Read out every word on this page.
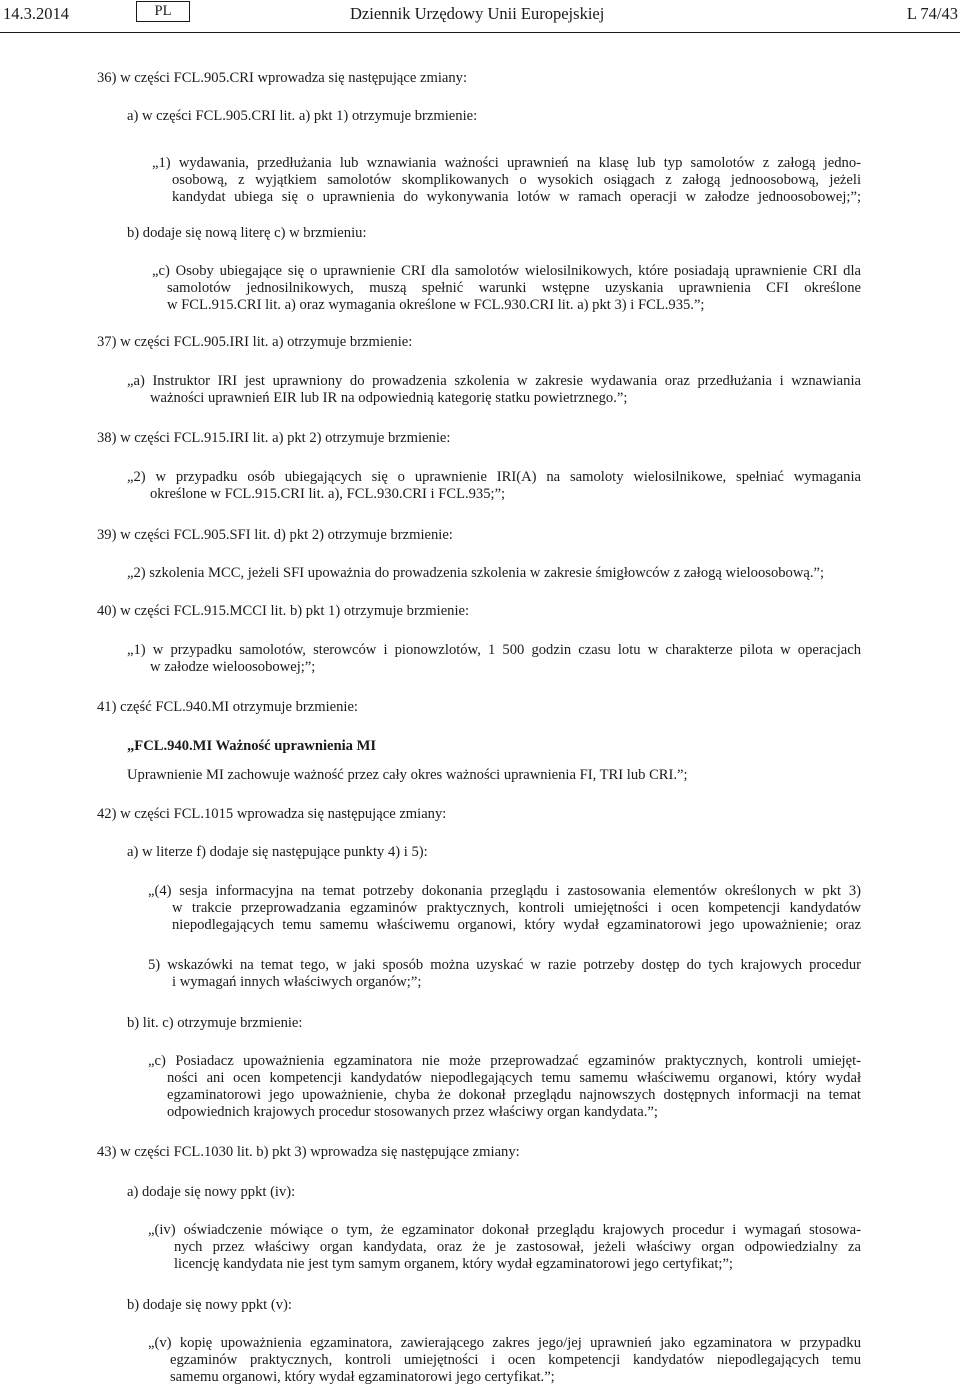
14.3.2014	PL	Dziennik Urzędowy Unii Europejskiej	L 74/43
36) w części FCL.905.CRI wprowadza się następujące zmiany:
a) w części FCL.905.CRI lit. a) pkt 1) otrzymuje brzmienie:
„1) wydawania, przedłużania lub wznawiania ważności uprawnień na klasę lub typ samolotów z załogą jedno-
osobową, z wyjątkiem samolotów skomplikowanych o wysokich osiągach z załogą jednoosobową, jeżeli
kandydat ubiega się o uprawnienia do wykonywania lotów w ramach operacji w załodze jednoosobowej;”;
b) dodaje się nową literę c) w brzmieniu:
„c) Osoby ubiegające się o uprawnienie CRI dla samolotów wielosilnikowych, które posiadają uprawnienie CRI dla
samolotów jednosilnikowych, muszą spełnić warunki wstępne uzyskania uprawnienia CFI określone
w FCL.915.CRI lit. a) oraz wymagania określone w FCL.930.CRI lit. a) pkt 3) i FCL.935.”;
37) w części FCL.905.IRI lit. a) otrzymuje brzmienie:
„a) Instruktor IRI jest uprawniony do prowadzenia szkolenia w zakresie wydawania oraz przedłużania i wznawiania
ważności uprawnień EIR lub IR na odpowiednią kategorię statku powietrznego.”;
38) w części FCL.915.IRI lit. a) pkt 2) otrzymuje brzmienie:
„2) w przypadku osób ubiegających się o uprawnienie IRI(A) na samoloty wielosilnikowe, spełniać wymagania
określone w FCL.915.CRI lit. a), FCL.930.CRI i FCL.935;”;
39) w części FCL.905.SFI lit. d) pkt 2) otrzymuje brzmienie:
„2) szkolenia MCC, jeżeli SFI upoważnia do prowadzenia szkolenia w zakresie śmigłowców z załogą wieloosobową.”;
40) w części FCL.915.MCCI lit. b) pkt 1) otrzymuje brzmienie:
„1) w przypadku samolotów, sterowców i pionowzlotów, 1 500 godzin czasu lotu w charakterze pilota w operacjach
w załodze wieloosobowej;”;
41) część FCL.940.MI otrzymuje brzmienie:
„FCL.940.MI Ważność uprawnienia MI
Uprawnienie MI zachowuje ważność przez cały okres ważności uprawnienia FI, TRI lub CRI.”;
42) w części FCL.1015 wprowadza się następujące zmiany:
a) w literze f) dodaje się następujące punkty 4) i 5):
„(4) sesja informacyjna na temat potrzeby dokonania przeglądu i zastosowania elementów określonych w pkt 3)
w trakcie przeprowadzania egzaminów praktycznych, kontroli umiejętności i ocen kompetencji kandydatów
niepodlegających temu samemu właściwemu organowi, który wydał egzaminatorowi jego upoważnienie; oraz
5) wskazówki na temat tego, w jaki sposób można uzyskać w razie potrzeby dostęp do tych krajowych procedur
i wymagań innych właściwych organów;”;
b) lit. c) otrzymuje brzmienie:
„c) Posiadacz upoważnienia egzaminatora nie może przeprowadzać egzaminów praktycznych, kontroli umiejęt-
ności ani ocen kompetencji kandydatów niepodlegających temu samemu właściwemu organowi, który wydał
egzaminatorowi jego upoważnienie, chyba że dokonał przeglądu najnowszych dostępnych informacji na temat
odpowiednich krajowych procedur stosowanych przez właściwy organ kandydata.”;
43) w części FCL.1030 lit. b) pkt 3) wprowadza się następujące zmiany:
a) dodaje się nowy ppkt (iv):
„(iv) oświadczenie mówiące o tym, że egzaminator dokonał przeglądu krajowych procedur i wymagań stosowa-
nych przez właściwy organ kandydata, oraz że je zastosował, jeżeli właściwy organ odpowiedzialny za
licencję kandydata nie jest tym samym organem, który wydał egzaminatorowi jego certyfikat;”;
b) dodaje się nowy ppkt (v):
„(v) kopię upoważnienia egzaminatora, zawierającego zakres jego/jej uprawnień jako egzaminatora w przypadku
egzaminów praktycznych, kontroli umiejętności i ocen kompetencji kandydatów niepodlegających temu
samemu organowi, który wydał egzaminatorowi jego certyfikat.”;
